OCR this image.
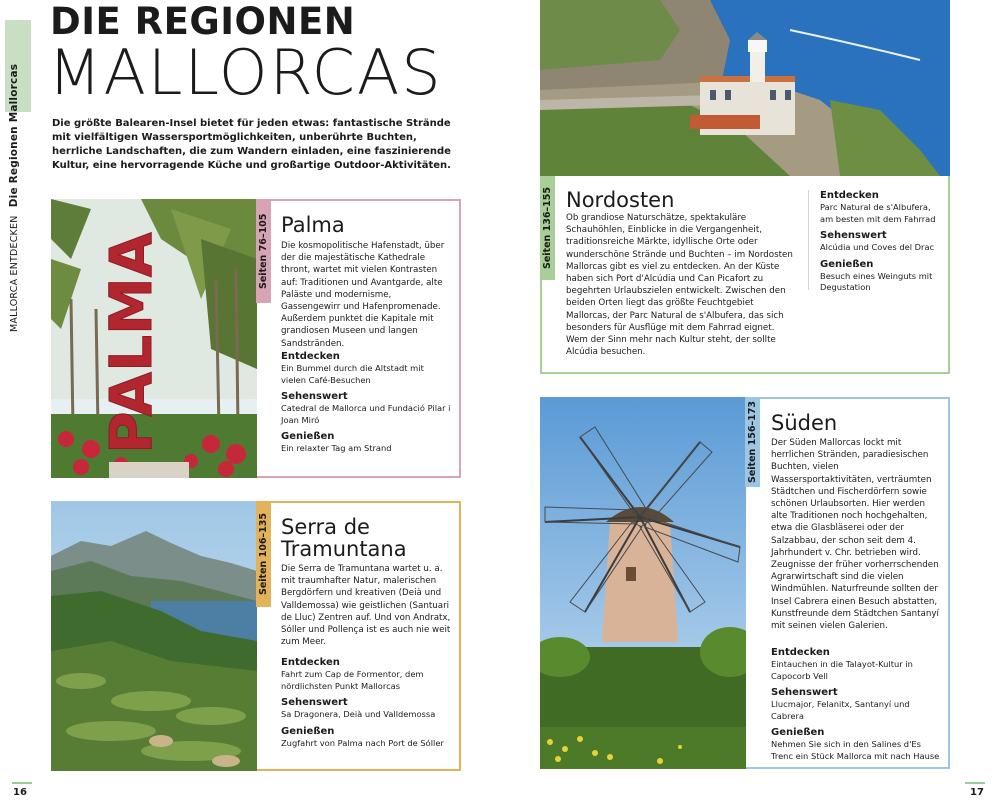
MALLORCA ENTDECKEN Die Regionen Mallorcas
DIE REGIONEN
MALLORCAS
Die größte Balearen-Insel bietet für jeden etwas: fantastische Strände mit vielfältigen Wassersportmöglichkeiten, unberührte Buchten, herrliche Landschaften, die zum Wandern einladen, eine faszinierende Kultur, eine hervorragende Küche und großartige Outdoor-Aktivitäten.
PALMA	Seiten 76–105 Palma
Die kosmopolitische Hafenstadt, über der die majestätische Kathedrale thront, wartet mit vielen Kontrasten auf: Traditionen und Avantgarde, alte Paläste und modernisme, Gassengewirr und Hafenpromenade. Außerdem punktet die Kapitale mit grandiosen Museen und langen Sandstränden.
Entdecken
Ein Bummel durch die Altstadt mit vielen Café-Besuchen
Sehenswert
Catedral de Mallorca und Fundació Pilar i Joan Miró
Genießen
Ein relaxter Tag am Strand
Seiten 106–135 Serra de
Tramuntana
Die Serra de Tramuntana wartet u. a. mit traumhafter Natur, malerischen Bergdörfern und kreativen (Deià und Valldemossa) wie geistlichen (Santuari de Lluc) Zentren auf. Und von Andratx, Sóller und Pollença ist es auch nie weit zum Meer.
Entdecken
Fahrt zum Cap de Formentor, dem nördlichsten Punkt Mallorcas
Sehenswert
Sa Dragonera, Deià und Valldemossa
Genießen
Zugfahrt von Palma nach Port de Sóller
16
Seiten 136–155 Nordosten
Ob grandiose Naturschätze, spektakuläre Schauhöhlen, Einblicke in die Vergangenheit, traditionsreiche Märkte, idyllische Orte oder wunderschöne Strände und Buchten – im Nordosten Mallorcas gibt es viel zu entdecken. An der Küste haben sich Port d'Alcúdia und Can Picafort zu begehrten Urlaubszielen entwickelt. Zwischen den beiden Orten liegt das größte Feuchtgebiet Mallorcas, der Parc Natural de s'Albufera, das sich besonders für Ausflüge mit dem Fahrrad eignet. Wem der Sinn mehr nach Kultur steht, der sollte Alcúdia besuchen.
Entdecken
Parc Natural de s'Albufera, am besten mit dem Fahrrad
Sehenswert
Alcúdia und Coves del Drac
Genießen
Besuch eines Weinguts mit Degustation
Seiten 156–173 Süden
Der Süden Mallorcas lockt mit herrlichen Stränden, paradiesischen Buchten, vielen Wassersportaktivitäten, verträumten Städtchen und Fischerdörfern sowie schönen Urlaubsorten. Hier werden alte Traditionen noch hochgehalten, etwa die Glasbläserei oder der Salzabbau, der schon seit dem 4. Jahrhundert v. Chr. betrieben wird. Zeugnisse der früher vorherrschenden Agrarwirtschaft sind die vielen Windmühlen. Naturfreunde sollten der Insel Cabrera einen Besuch abstatten, Kunstfreunde dem Städtchen Santanyí mit seinen vielen Galerien.
Entdecken
Eintauchen in die Talayot-Kultur in Capocorb Vell
Sehenswert
Llucmajor, Felanitx, Santanyí und Cabrera
Genießen
Nehmen Sie sich in den Salines d'Es Trenc ein Stück Mallorca mit nach Hause
17
